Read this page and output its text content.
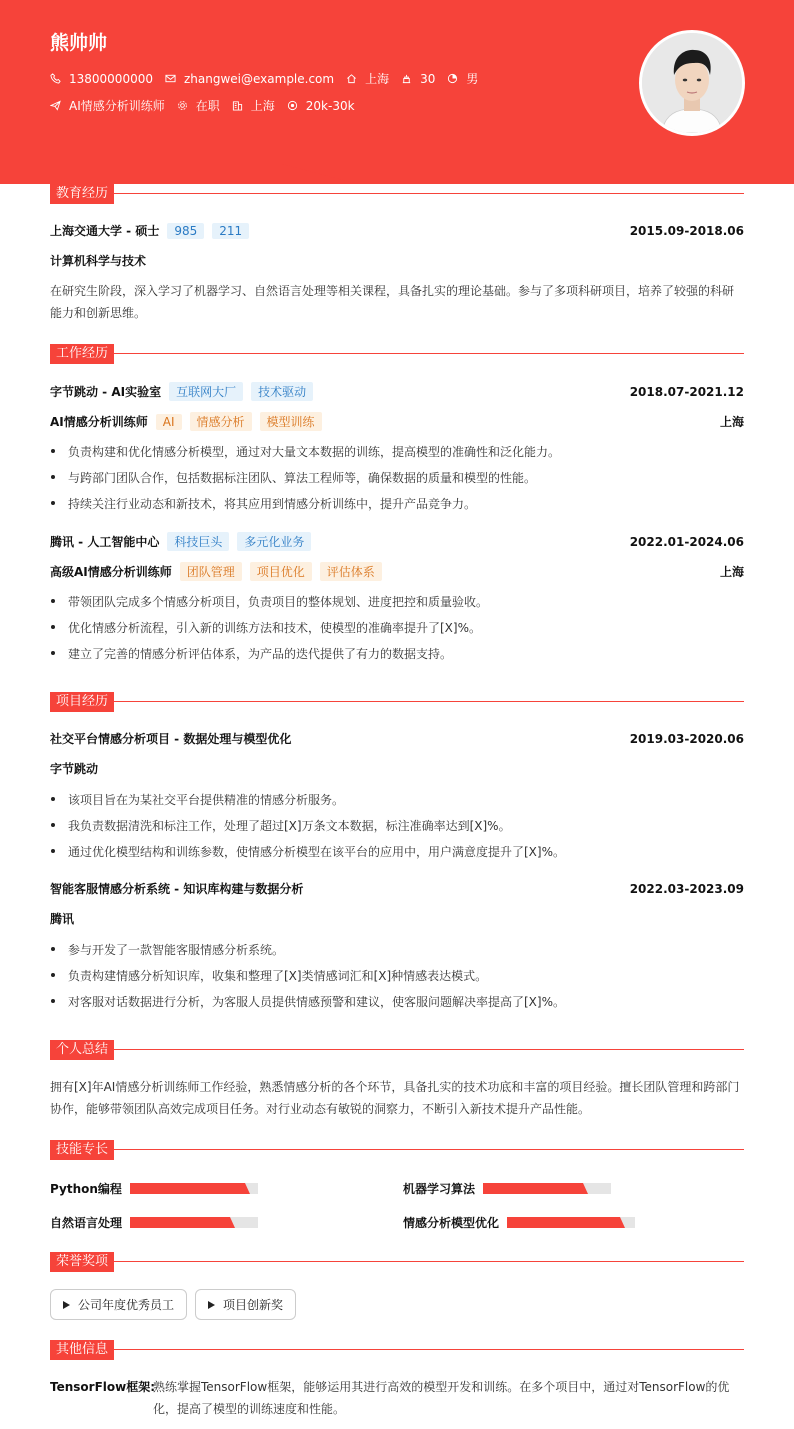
熊帅帅
13800000000	zhangwei@example.com	上海	30	男
AI情感分析训练师	在职	上海	20k-30k
教育经历
上海交通大学 - 硕士	985	211	2015.09-2018.06
计算机科学与技术
在研究生阶段，深入学习了机器学习、自然语言处理等相关课程，具备扎实的理论基础。参与了多项科研项目，培养了较强的科研能力和创新思维。
工作经历
字节跳动 - AI实验室	互联网大厂	技术驱动	2018.07-2021.12
AI情感分析训练师	AI	情感分析	模型训练	上海
负责构建和优化情感分析模型，通过对大量文本数据的训练，提高模型的准确性和泛化能力。
与跨部门团队合作，包括数据标注团队、算法工程师等，确保数据的质量和模型的性能。
持续关注行业动态和新技术，将其应用到情感分析训练中，提升产品竞争力。
腾讯 - 人工智能中心	科技巨头	多元化业务	2022.01-2024.06
高级AI情感分析训练师	团队管理	项目优化	评估体系	上海
带领团队完成多个情感分析项目，负责项目的整体规划、进度把控和质量验收。
优化情感分析流程，引入新的训练方法和技术，使模型的准确率提升了[X]%。
建立了完善的情感分析评估体系，为产品的迭代提供了有力的数据支持。
项目经历
社交平台情感分析项目 - 数据处理与模型优化	2019.03-2020.06
字节跳动
该项目旨在为某社交平台提供精准的情感分析服务。
我负责数据清洗和标注工作，处理了超过[X]万条文本数据，标注准确率达到[X]%。
通过优化模型结构和训练参数，使情感分析模型在该平台的应用中，用户满意度提升了[X]%。
智能客服情感分析系统 - 知识库构建与数据分析	2022.03-2023.09
腾讯
参与开发了一款智能客服情感分析系统。
负责构建情感分析知识库，收集和整理了[X]类情感词汇和[X]种情感表达模式。
对客服对话数据进行分析，为客服人员提供情感预警和建议，使客服问题解决率提高了[X]%。
个人总结
拥有[X]年AI情感分析训练师工作经验，熟悉情感分析的各个环节，具备扎实的技术功底和丰富的项目经验。擅长团队管理和跨部门协作，能够带领团队高效完成项目任务。对行业动态有敏锐的洞察力，不断引入新技术提升产品性能。
技能专长
Python编程	机器学习算法
自然语言处理	情感分析模型优化
荣誉奖项
公司年度优秀员工	项目创新奖
其他信息
TensorFlow框架:
熟练掌握TensorFlow框架，能够运用其进行高效的模型开发和训练。在多个项目中，通过对TensorFlow的优化，提高了模型的训练速度和性能。
